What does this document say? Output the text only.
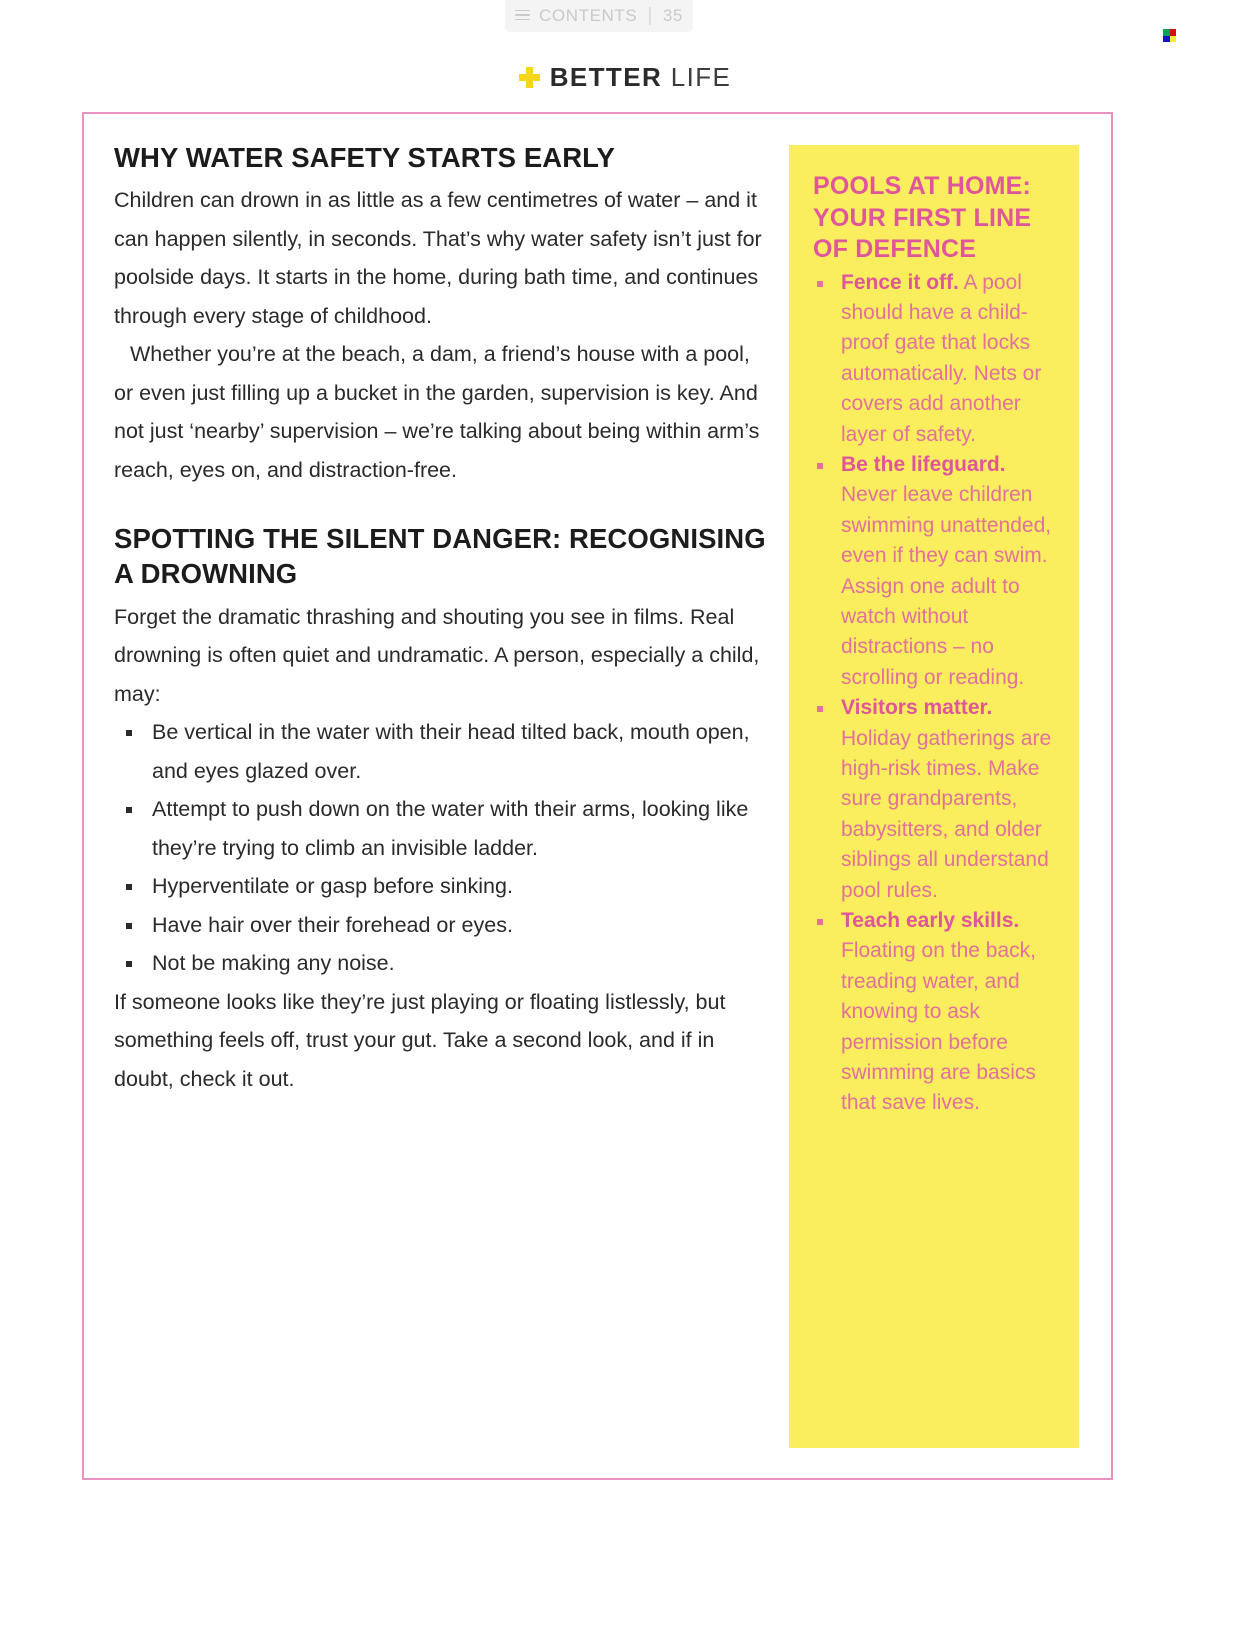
CONTENTS | 35
BETTER LIFE
WHY WATER SAFETY STARTS EARLY

Children can drown in as little as a few centimetres of water – and it can happen silently, in seconds. That’s why water safety isn’t just for poolside days. It starts in the home, during bath time, and continues through every stage of childhood.

Whether you’re at the beach, a dam, a friend’s house with a pool, or even just filling up a bucket in the garden, supervision is key. And not just ‘nearby’ supervision – we’re talking about being within arm’s reach, eyes on, and distraction-free.

SPOTTING THE SILENT DANGER: RECOGNISING A DROWNING

Forget the dramatic thrashing and shouting you see in films. Real drowning is often quiet and undramatic. A person, especially a child, may:

Be vertical in the water with their head tilted back, mouth open, and eyes glazed over.
Attempt to push down on the water with their arms, looking like they’re trying to climb an invisible ladder.
Hyperventilate or gasp before sinking.
Have hair over their forehead or eyes.
Not be making any noise.

If someone looks like they’re just playing or floating listlessly, but something feels off, trust your gut. Take a second look, and if in doubt, check it out.

POOLS AT HOME: YOUR FIRST LINE OF DEFENCE
Fence it off. A pool should have a child-proof gate that locks automatically. Nets or covers add another layer of safety.
Be the lifeguard. Never leave children swimming unattended, even if they can swim. Assign one adult to watch without distractions – no scrolling or reading.
Visitors matter. Holiday gatherings are high-risk times. Make sure grandparents, babysitters, and older siblings all understand pool rules.
Teach early skills. Floating on the back, treading water, and knowing to ask permission before swimming are basics that save lives.
